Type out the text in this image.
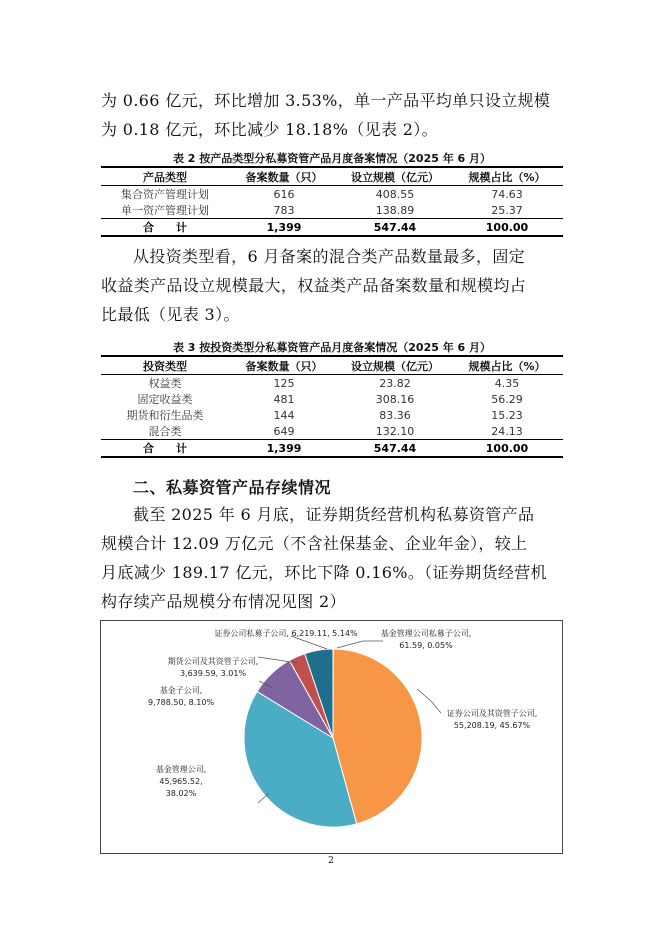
为 0.66 亿元，环比增加 3.53%，单一产品平均单只设立规模
为 0.18 亿元，环比减少 18.18%（见表 2）。
表 2 按产品类型分私募资管产品月度备案情况（2025 年 6 月）
产品类型	备案数量（只）	设立规模（亿元）	规模占比（%）
集合资产管理计划	616	408.55	74.63
单一资产管理计划	783	138.89	25.37
合　　计	1,399	547.44	100.00
从投资类型看，6 月备案的混合类产品数量最多，固定
收益类产品设立规模最大，权益类产品备案数量和规模均占
比最低（见表 3）。
表 3 按投资类型分私募资管产品月度备案情况（2025 年 6 月）
投资类型	备案数量（只）	设立规模（亿元）	规模占比（%）
权益类	125	23.82	4.35
固定收益类	481	308.16	56.29
期货和衍生品类	144	83.36	15.23
混合类	649	132.10	24.13
合　　计	1,399	547.44	100.00
二、私募资管产品存续情况
截至 2025 年 6 月底，证券期货经营机构私募资管产品
规模合计 12.09 万亿元（不含社保基金、企业年金），较上
月底减少 189.17 亿元，环比下降 0.16%。（证券期货经营机
构存续产品规模分布情况见图 2）
证券公司私募子公司, 6,219.11, 5.14%	基金管理公司私募子公司,
61.59, 0.05%
期货公司及其资管子公司,
3,639.59, 3.01%
基金子公司,
9,788.50, 8.10%
证券公司及其资管子公司,
55,208.19, 45.67%
基金管理公司,
45,965.52,
38.02%
2
